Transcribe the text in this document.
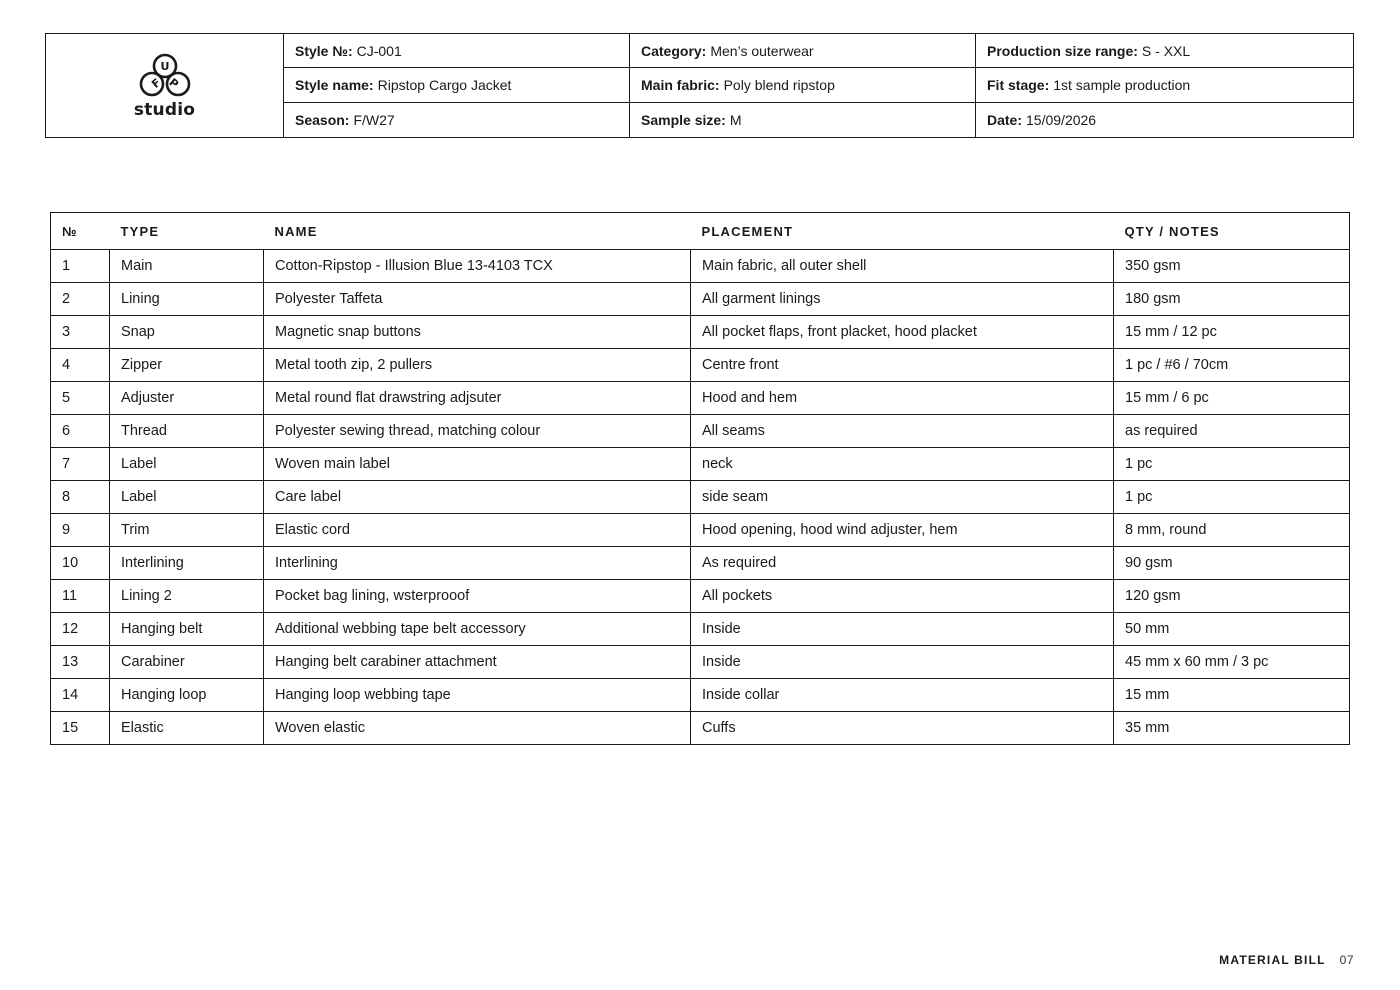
U
F P
studio
Style №: CJ-001	Category: Men’s outerwear	Production size range: S - XXL
Style name: Ripstop Cargo Jacket	Main fabric: Poly blend ripstop	Fit stage: 1st sample production
Season: F/W27	Sample size: M	Date: 15/09/2026
№	TYPE	NAME	PLACEMENT	QTY / NOTES
1	Main	Cotton-Ripstop - Illusion Blue 13-4103 TCX	Main fabric, all outer shell	350 gsm
2	Lining	Polyester Taffeta	All garment linings	180 gsm
3	Snap	Magnetic snap buttons	All pocket flaps, front placket, hood placket	15 mm / 12 pc
4	Zipper	Metal tooth zip, 2 pullers	Centre front	1 pc / #6 / 70cm
5	Adjuster	Metal round flat drawstring adjsuter	Hood and hem	15 mm / 6 pc
6	Thread	Polyester sewing thread, matching colour	All seams	as required
7	Label	Woven main label	neck	1 pc
8	Label	Care label	side seam	1 pc
9	Trim	Elastic cord	Hood opening, hood wind adjuster, hem	8 mm, round
10	Interlining	Interlining	As required	90 gsm
11	Lining 2	Pocket bag lining, wsterprooof	All pockets	120 gsm
12	Hanging belt	Additional webbing tape belt accessory	Inside	50 mm
13	Carabiner	Hanging belt carabiner attachment	Inside	45 mm x 60 mm / 3 pc
14	Hanging loop	Hanging loop webbing tape	Inside collar	15 mm
15	Elastic	Woven elastic	Cuffs	35 mm
MATERIAL BILL 07
